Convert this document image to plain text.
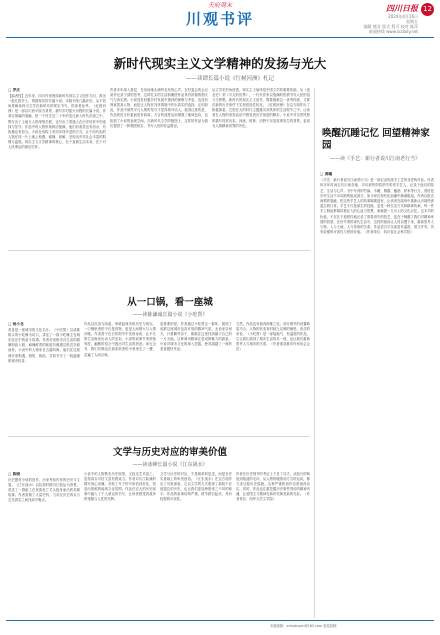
天府周末
川观书评
四川日报
2024年4月26日
星期五
编辑 熊亚 版式 程可 校对 陈萍
新闻热线 www.scdaily.net
12
新时代现实主义文学精神的发扬与光大
——读谭长篇小说《红树河洲》札记
□ 罗庆
【编者按】近年来，四川作家围绕新时代现实主义创作方向，推出一批扎根乡土、观照现实的长篇小说。本版刊发几篇评论，从不同角度解读四川文学在新时代的现实书写，供读者参考。《红树河洲》是一部以川西平原为背景、描写乡村振兴历程的长篇小说。作者以细腻的笔触，把一个村庄近二十年的变迁嵌入时代洪流之中，既写出了土地与人的深刻关联，也写出了普通人在历史转折中的选择与坚守。作品中的人物形象鲜活饱满，他们有欢笑也有泪水，有犹豫也有担当。小说在结构上采用多线并进的方式，让不同代际的人物在同一片土地上相遇、碰撞、和解，呈现出乡村社会丰富的肌理与温度。现实主义文学精神的核心，在于直面生活本身，在于对人民命运的深切关怀。
作者多年深入基层，在田间地头倾听农民的心声，在村委会的会议桌旁记录干部的思考，这种扎实的生活积累使作品具有浓郁的烟火气与真实感。小说没有回避乡村发展中遇到的困难与矛盾，也没有刻意拔高人物，而是让人物在具体情境中作出真实的选择。正因如此，作品中那些平凡人物的坚守才显得格外动人。值得注意的是，作品的语言朴素而富有韵味，方言的适度运用增强了地域色彩，也拓展了小说的表现空间。在新时代文学的版图上，这样的作品为我们提供了一种观照现实、书写人民的有益路径。
从文学史的角度看，现实主义始终是中国文学的重要传统。从《创业史》到《平凡的世界》，一代代作家以饱满的热情书写人民的奋斗与梦想。新时代的现实主义创作，既要继承这一优秀传统，又要在新的历史条件下实现创造性转化。《红树河洲》在这方面作出了积极探索，它把宏大的时代主题落实到具体的生活细节之中，让读者在人物的喜怒哀乐中感受到历史前进的脚步。小说中对自然风物的描写同样出彩，河流、树林、田野不仅是故事发生的背景，更成为人物精神世界的外化。
唤醒沉睡记忆 回望精神家园
——读《手艺：新行者说川江南老行当》
□ 黄曦
《手艺：新行者说川江南老行当》是一部记录传统手工艺的非虚构作品。作者用多年时间走访川南各地，寻访那些即将消失的老手艺人，记录下他们的技艺、生活与心声。书中写到的竹编、木雕、陶器、酿酒、织布等行当，曾经是乡村生活不可或缺的组成部分，如今却在现代化浪潮中渐渐隐退。作者以饱含深情的笔触，把这些手艺人的故事娓娓道来，让读者在阅读中重新认识那些被遗忘的日常。手艺不仅是谋生的技能，更是一种生活方式和精神传承。每一件手工制品都凝结着匠人的心血与智慧，承载着一方水土的文化记忆。这本书的价值，不仅在于抢救性地记录了即将消失的技艺，更在于唤醒了我们对精神家园的回望。在快节奏的现代生活中，这样的阅读让人得以慢下来，重新思考人与物、人与土地、人与传统的关系。作品语言平实而富有温度，图文并茂，具有较强的可读性与资料价值。（作者单位：四川省社会科学院）
从一口锅，看一座城
——读陈谦诚长篇小说《小吃帮》
□ 杨小龙
美食是一座城市的文化名片。《小吃帮》以成都街头的小吃摊为切口，讲述了一群小吃摊主在城市变迁中的奋斗故事。作者对成都市井生活的描摹细致入微，麻辣鲜香的味道仿佛透过纸页扑面而来。小说中的人物来自五湖四海，他们在这座城市里相遇、相知、相助，共同书写了一段温暖的城市传奇。
作品以饮食为线索，串联起城市的历史与现实。一口锅里煮的不仅是食物，更是人间烟火与人情冷暖。作者善于在日常细节中发现诗意，让平凡的生活焕发出动人的光彩。小说的叙事节奏张弛有度，幽默的语言中透出对生活的热爱。读完全书，我们仿佛也在那条熟悉的小巷里走了一遭，尝遍了人间百味。
更重要的是，作者通过小吃帮这一群体，展现了成都这座城市包容开放的精神气质。无论来自何方，只要勤劳肯干，都能在这里找到属于自己的一片天地。这种城市精神正是成都魅力的源泉。小说对城市文化的深入挖掘，使其超越了一般的美食题材作品。
当然，作品也有值得商榷之处。部分情节的设置略显巧合，人物的转变有时缺乏足够的铺垫。但总的来说，《小吃帮》是一部接地气、有温度的作品，它让我们看到了城市生活的另一面，也让我们重新思考人与城市的关系。（作者系成都市作家协会会员）
文学与历史对应的审美价值
——读冰峰长篇小说《江东战水》
□ 陈晓
历史题材小说的创作，历来考验作家的史识与文笔。《江东战水》以抗战时期川江航运为背景，讲述了一群船工在民族危亡关头挺身而出的英雄故事。作者查阅了大量史料，力求在历史真实与艺术真实之间找到平衡点。
小说中的人物既有历史原型，又经过艺术加工，显得真实可信又富有感染力。作者对川江险滩的描写惊心动魄，对船工号子的引用恰到好处，营造出浓郁的地域文化氛围。作品在宏大的历史叙事中融入了个人命运的书写，让读者感受到战争的残酷与人性的光辉。
文学与历史的对应，不是简单的复述，而是在史实基础上的审美创造。《江东战水》在这方面作出了可贵探索，它以文学的方式重现了那段不应被遗忘的历史，也让我们更加珍惜来之不易的和平。作品的叙事结构严谨，情节跌宕起伏，具有较强的可读性。
作者在历史细节的考证上下足了功夫，从船只的构造到航道的走向，从人物的服饰到方言的运用，都力求还原历史原貌。这种严谨的创作态度值得肯定。同时，作品也注重挖掘历史事件背后的精神内涵，让爱国主义精神在新时代焕发新的光彩。（作者单位：西华大学文学院）
本版邮箱：scrbshupin@163.com 欢迎投稿
